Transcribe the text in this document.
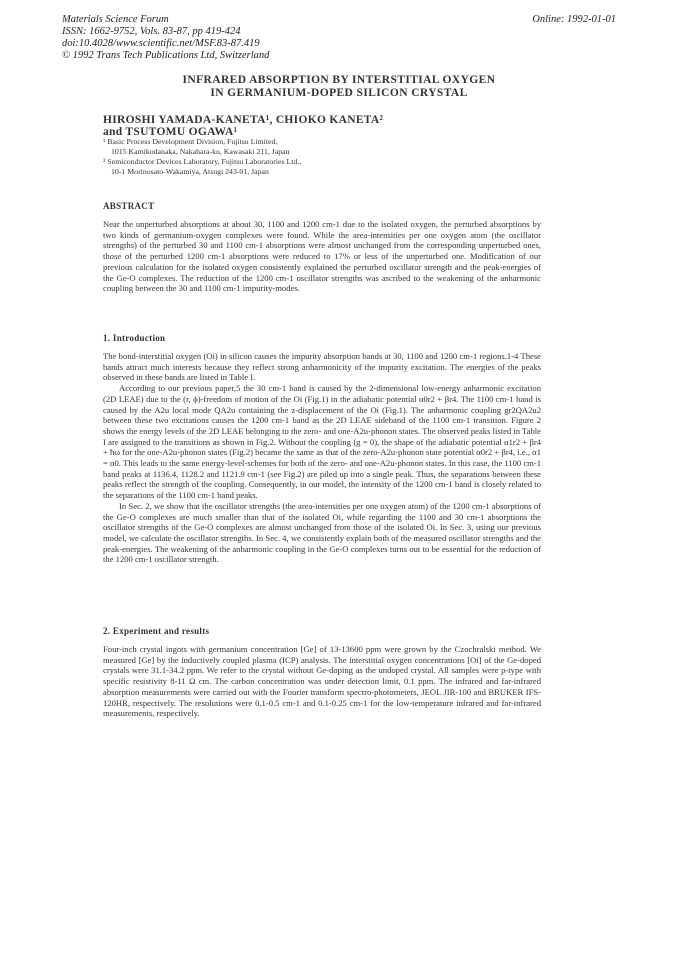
Materials Science Forum
ISSN: 1662-9752, Vols. 83-87, pp 419-424
doi:10.4028/www.scientific.net/MSF.83-87.419
© 1992 Trans Tech Publications Ltd, Switzerland
Online: 1992-01-01
INFRARED ABSORPTION BY INTERSTITIAL OXYGEN
IN GERMANIUM-DOPED SILICON CRYSTAL
HIROSHI YAMADA-KANETA¹, CHIOKO KANETA²
and TSUTOMU OGAWA¹
¹ Basic Process Development Division, Fujitsu Limited,
1015 Kamikodanaka, Nakahara-ku, Kawasaki 211, Japan
² Semiconductor Devices Laboratory, Fujitsu Laboratories Ltd.,
10-1 Morinosato-Wakamiya, Atsugi 243-01, Japan
ABSTRACT

Near the unperturbed absorptions at about 30, 1100 and 1200 cm-1 due to the isolated oxygen, the perturbed absorptions by two kinds of germanium-oxygen complexes were found. While the area-intensities per one oxygen atom (the oscillator strengths) of the perturbed 30 and 1100 cm-1 absorptions were almost unchanged from the corresponding unperturbed ones, those of the perturbed 1200 cm-1 absorptions were reduced to 17% or less of the unperturbed one. Modification of our previous calculation for the isolated oxygen consistently explained the perturbed oscillator strength and the peak-energies of the Ge-O complexes. The reduction of the 1200 cm-1 oscillator strengths was ascribed to the weakening of the anharmonic coupling between the 30 and 1100 cm-1 impurity-modes.

1. Introduction

The bond-interstitial oxygen (Oi) in silicon causes the impurity absorption bands at 30, 1100 and 1200 cm-1 regions.1-4 These bands attract much interests because they reflect strong anharmonicity of the impurity excitation. The energies of the peaks observed in these bands are listed in Table I.

According to our previous paper,5 the 30 cm-1 band is caused by the 2-dimensional low-energy anharmonic excitation (2D LEAE) due to the (r, ϕ)-freedom of motion of the Oi (Fig.1) in the adiabatic potential α0r2 + βr4. The 1100 cm-1 band is caused by the A2u local mode QA2u containing the z-displacement of the Oi (Fig.1). The anharmonic coupling gr2QA2u2 between these two excitations causes the 1200 cm-1 band as the 2D LEAE sideband of the 1100 cm-1 transition. Figure 2 shows the energy levels of the 2D LEAE belonging to the zero- and one-A2u-phonon states. The observed peaks listed in Table I are assigned to the transitions as shown in Fig.2. Without the coupling (g = 0), the shape of the adiabatic potential α1r2 + βr4 + ħω for the one-A2u-phonon states (Fig.2) became the same as that of the zero-A2u-phonon state potential α0r2 + βr4, i.e., α1 = α0. This leads to the same energy-level-schemes for both of the zero- and one-A2u-phonon states. In this case, the 1100 cm-1 band peaks at 1136.4, 1128.2 and 1121.9 cm-1 (see Fig.2) are piled up into a single peak. Thus, the separations between these peaks reflect the strength of the coupling. Consequently, in our model, the intensity of the 1200 cm-1 band is closely related to the separations of the 1100 cm-1 band peaks.

In Sec. 2, we show that the oscillator strengths (the area-intensities per one oxygen atom) of the 1200 cm-1 absorptions of the Ge-O complexes are much smaller than that of the isolated Oi, while regarding the 1100 and 30 cm-1 absorptions the oscillator strengths of the Ge-O complexes are almost unchanged from those of the isolated Oi. In Sec. 3, using our previous model, we calculate the oscillator strengths. In Sec. 4, we consistently explain both of the measured oscillator strengths and the peak-energies. The weakening of the anharmonic coupling in the Ge-O complexes turns out to be essential for the reduction of the 1200 cm-1 oscillator strength.

2. Experiment and results

Four-inch crystal ingots with germanium concentration [Ge] of 13-13600 ppm were grown by the Czochralski method. We measured [Ge] by the inductively coupled plasma (ICP) analysis. The interstitial oxygen concentrations [Oi] of the Ge-doped crystals were 31.1-34.2 ppm. We refer to the crystal without Ge-doping as the undoped crystal. All samples were p-type with specific resistivity 8-11 Ω cm. The carbon concentration was under detection limit, 0.1 ppm. The infrared and far-infrared absorption measurements were carried out with the Fourier transform spectro-photometers, JEOL JIR-100 and BRUKER IFS-120HR, respectively. The resolutions were 0.1-0.5 cm-1 and 0.1-0.25 cm-1 for the low-temperature infrared and far-infrared measurements, respectively.
